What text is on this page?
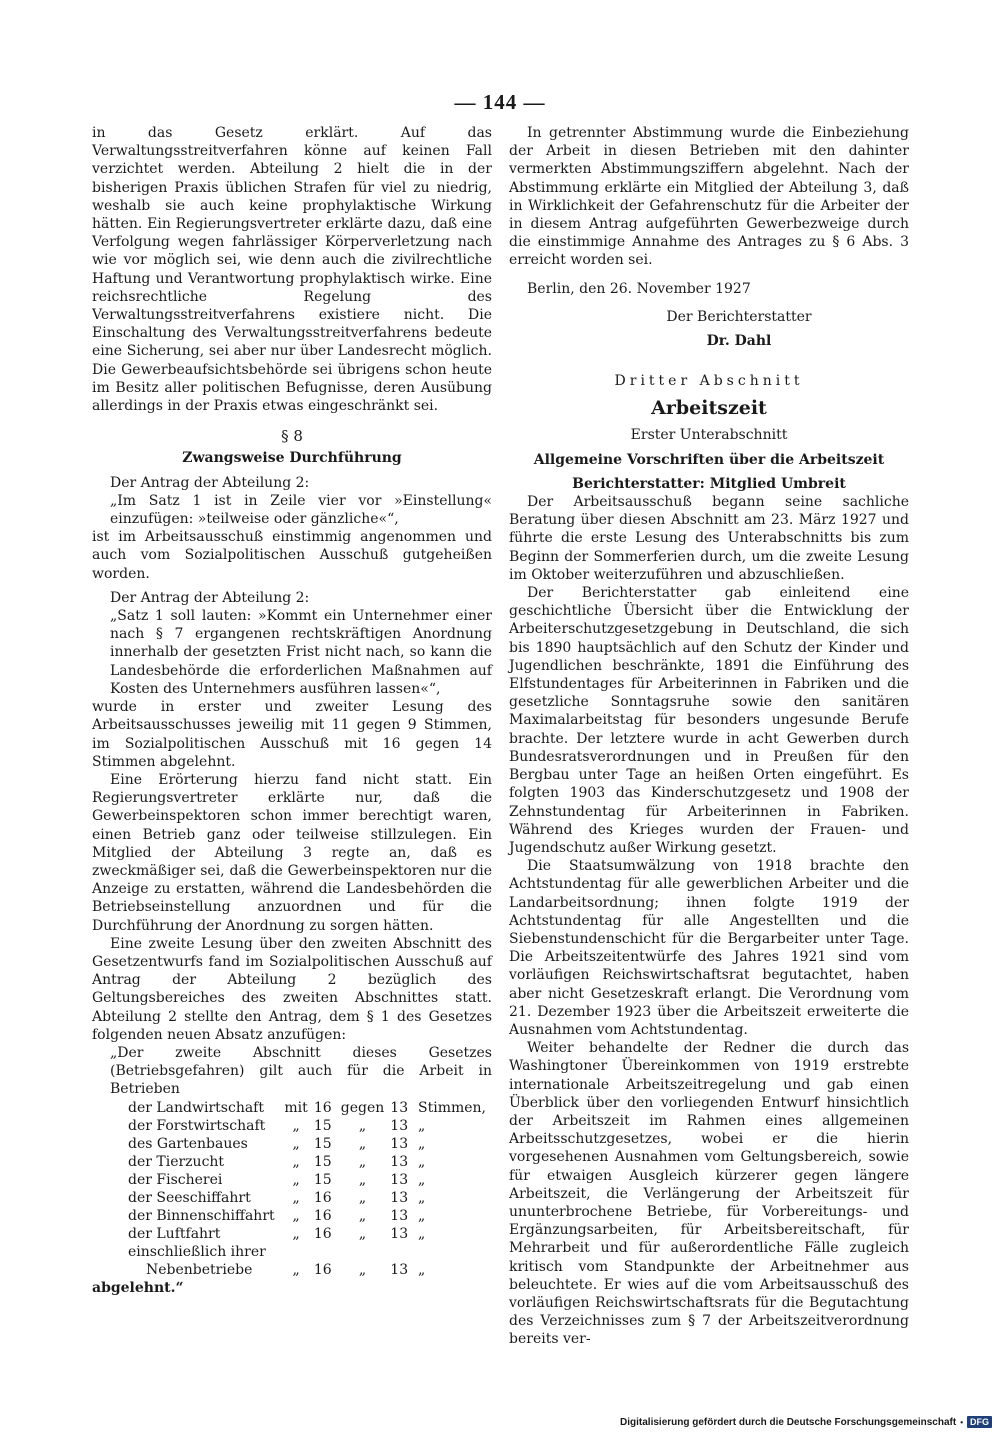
— 144 —

in das Gesetz erklärt. Auf das Verwaltungsstreitverfahren könne auf keinen Fall verzichtet werden. Abteilung 2 hielt die in der bisherigen Praxis üblichen Strafen für viel zu niedrig, weshalb sie auch keine prophylaktische Wirkung hätten. Ein Regierungsvertreter erklärte dazu, daß eine Verfolgung wegen fahrlässiger Körperverletzung nach wie vor möglich sei, wie denn auch die zivilrechtliche Haftung und Verantwortung prophylaktisch wirke. Eine reichsrechtliche Regelung des Verwaltungsstreitverfahrens existiere nicht. Die Einschaltung des Verwaltungsstreitverfahrens bedeute eine Sicherung, sei aber nur über Landesrecht möglich. Die Gewerbeaufsichtsbehörde sei übrigens schon heute im Besitz aller politischen Befugnisse, deren Ausübung allerdings in der Praxis etwas eingeschränkt sei.

§ 8

Zwangsweise Durchführung

Der Antrag der Abteilung 2:

„Im Satz 1 ist in Zeile vier vor »Einstellung« einzufügen: »teilweise oder gänzliche«“,

ist im Arbeitsausschuß einstimmig angenommen und auch vom Sozialpolitischen Ausschuß gutgeheißen worden.

Der Antrag der Abteilung 2:

„Satz 1 soll lauten: »Kommt ein Unternehmer einer nach § 7 ergangenen rechtskräftigen Anordnung innerhalb der gesetzten Frist nicht nach, so kann die Landesbehörde die erforderlichen Maßnahmen auf Kosten des Unternehmers ausführen lassen«“,

wurde in erster und zweiter Lesung des Arbeitsausschusses jeweilig mit 11 gegen 9 Stimmen, im Sozialpolitischen Ausschuß mit 16 gegen 14 Stimmen abgelehnt.

Eine Erörterung hierzu fand nicht statt. Ein Regierungsvertreter erklärte nur, daß die Gewerbeinspektoren schon immer berechtigt waren, einen Betrieb ganz oder teilweise stillzulegen. Ein Mitglied der Abteilung 3 regte an, daß es zweckmäßiger sei, daß die Gewerbeinspektoren nur die Anzeige zu erstatten, während die Landesbehörden die Betriebseinstellung anzuordnen und für die Durchführung der Anordnung zu sorgen hätten.

Eine zweite Lesung über den zweiten Abschnitt des Gesetzentwurfs fand im Sozialpolitischen Ausschuß auf Antrag der Abteilung 2 bezüglich des Geltungsbereiches des zweiten Abschnittes statt. Abteilung 2 stellte den Antrag, dem § 1 des Gesetzes folgenden neuen Absatz anzufügen:

„Der zweite Abschnitt dieses Gesetzes (Betriebsgefahren) gilt auch für die Arbeit in Betrieben

der Landwirtschaft	mit	16	gegen	13	Stimmen,
der Forstwirtschaft	„	15	„	13	„
des Gartenbaues	„	15	„	13	„
der Tierzucht	„	15	„	13	„
der Fischerei	„	15	„	13	„
der Seeschiffahrt	„	16	„	13	„
der Binnenschiffahrt	„	16	„	13	„
der Luftfahrt	„	16	„	13	„
einschließlich ihrer					
Nebenbetriebe	„	16	„	13	„

abgelehnt.“

In getrennter Abstimmung wurde die Einbeziehung der Arbeit in diesen Betrieben mit den dahinter vermerkten Abstimmungsziffern abgelehnt. Nach der Abstimmung erklärte ein Mitglied der Abteilung 3, daß in Wirklichkeit der Gefahrenschutz für die Arbeiter der in diesem Antrag aufgeführten Gewerbezweige durch die einstimmige Annahme des Antrages zu § 6 Abs. 3 erreicht worden sei.

Berlin, den 26. November 1927

Der Berichterstatter

Dr. Dahl

Dritter Abschnitt

Arbeitszeit

Erster Unterabschnitt

Allgemeine Vorschriften über die Arbeitszeit

Berichterstatter: Mitglied Umbreit

Der Arbeitsausschuß begann seine sachliche Beratung über diesen Abschnitt am 23. März 1927 und führte die erste Lesung des Unterabschnitts bis zum Beginn der Sommerferien durch, um die zweite Lesung im Oktober weiterzuführen und abzuschließen.

Der Berichterstatter gab einleitend eine geschichtliche Übersicht über die Entwicklung der Arbeiterschutzgesetzgebung in Deutschland, die sich bis 1890 hauptsächlich auf den Schutz der Kinder und Jugendlichen beschränkte, 1891 die Einführung des Elfstundentages für Arbeiterinnen in Fabriken und die gesetzliche Sonntagsruhe sowie den sanitären Maximalarbeitstag für besonders ungesunde Berufe brachte. Der letztere wurde in acht Gewerben durch Bundesratsverordnungen und in Preußen für den Bergbau unter Tage an heißen Orten eingeführt. Es folgten 1903 das Kinderschutzgesetz und 1908 der Zehnstundentag für Arbeiterinnen in Fabriken. Während des Krieges wurden der Frauen- und Jugendschutz außer Wirkung gesetzt.

Die Staatsumwälzung von 1918 brachte den Achtstundentag für alle gewerblichen Arbeiter und die Landarbeitsordnung; ihnen folgte 1919 der Achtstundentag für alle Angestellten und die Siebenstundenschicht für die Bergarbeiter unter Tage. Die Arbeitszeitentwürfe des Jahres 1921 sind vom vorläufigen Reichswirtschaftsrat begutachtet, haben aber nicht Gesetzeskraft erlangt. Die Verordnung vom 21. Dezember 1923 über die Arbeitszeit erweiterte die Ausnahmen vom Achtstundentag.

Weiter behandelte der Redner die durch das Washingtoner Übereinkommen von 1919 erstrebte internationale Arbeitszeitregelung und gab einen Überblick über den vorliegenden Entwurf hinsichtlich der Arbeitszeit im Rahmen eines allgemeinen Arbeitsschutzgesetzes, wobei er die hierin vorgesehenen Ausnahmen vom Geltungsbereich, sowie für etwaigen Ausgleich kürzerer gegen längere Arbeitszeit, die Verlängerung der Arbeitszeit für ununterbrochene Betriebe, für Vorbereitungs- und Ergänzungsarbeiten, für Arbeitsbereitschaft, für Mehrarbeit und für außerordentliche Fälle zugleich kritisch vom Standpunkte der Arbeitnehmer aus beleuchtete. Er wies auf die vom Arbeitsausschuß des vorläufigen Reichswirtschaftsrats für die Begutachtung des Verzeichnisses zum § 7 der Arbeitszeitverordnung bereits ver-

Digitalisierung gefördert durch die Deutsche Forschungsgemeinschaft • DFG
